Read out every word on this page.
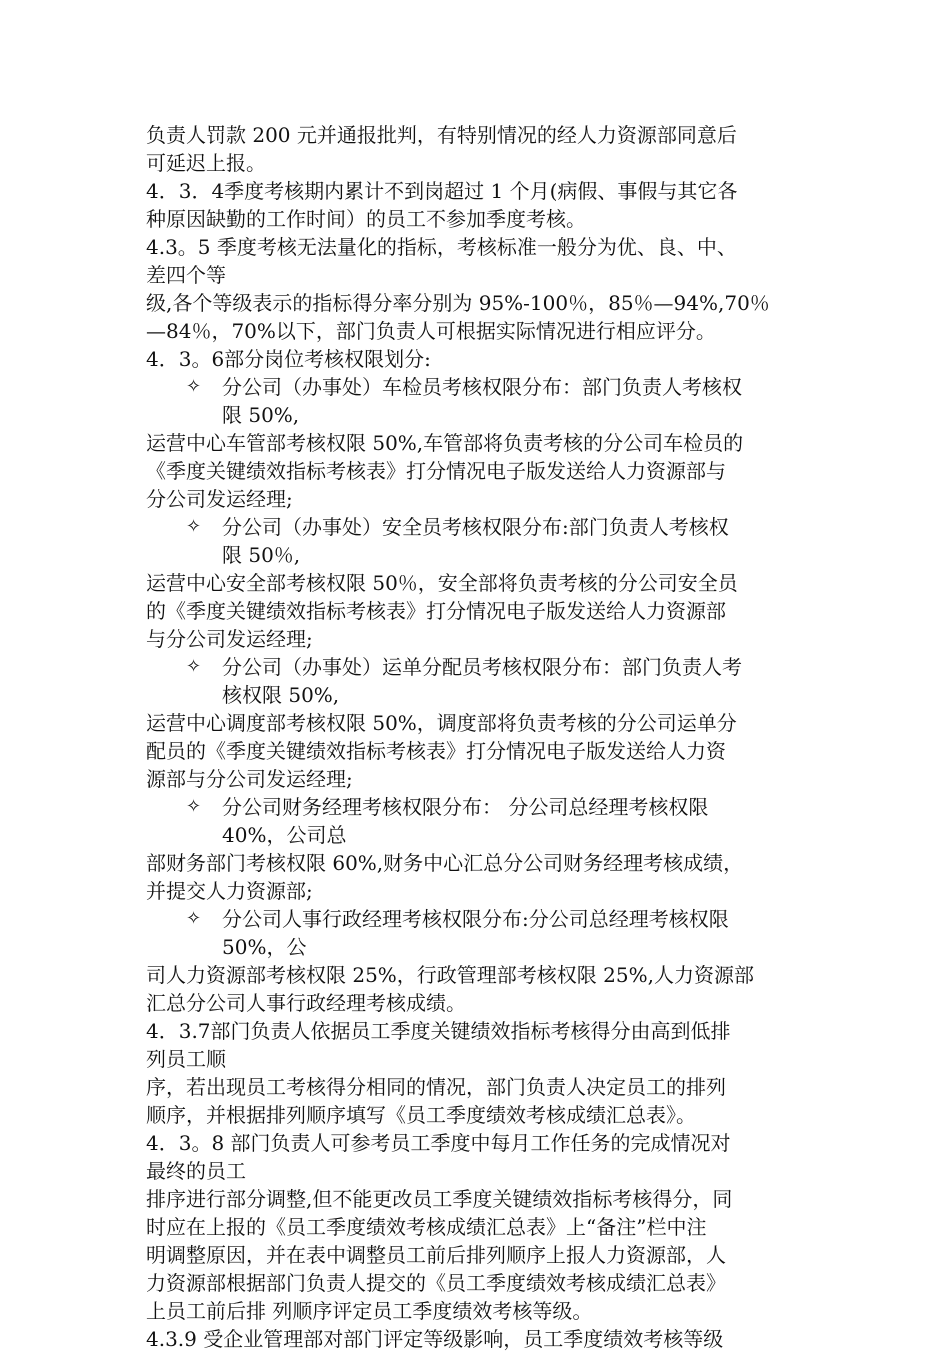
负责人罚款 200 元并通报批判，有特别情况的经人力资源部同意后
可延迟上报。
4．3．4季度考核期内累计不到岗超过 1 个月(病假、事假与其它各
种原因缺勤的工作时间）的员工不参加季度考核。
4.3。5 季度考核无法量化的指标，考核标准一般分为优、良、中、
差四个等
级,各个等级表示的指标得分率分别为 95%-100％，85％—94%,70％
—84％，70%以下，部门负责人可根据实际情况进行相应评分。
4．3。6部分岗位考核权限划分:
✧	分公司（办事处）车检员考核权限分布：部门负责人考核权
限 50%,
运营中心车管部考核权限 50%,车管部将负责考核的分公司车检员的
《季度关键绩效指标考核表》打分情况电子版发送给人力资源部与
分公司发运经理;
✧	分公司（办事处）安全员考核权限分布:部门负责人考核权
限 50％,
运营中心安全部考核权限 50％，安全部将负责考核的分公司安全员
的《季度关键绩效指标考核表》打分情况电子版发送给人力资源部
与分公司发运经理;
✧	分公司（办事处）运单分配员考核权限分布：部门负责人考
核权限 50%,
运营中心调度部考核权限 50%，调度部将负责考核的分公司运单分
配员的《季度关键绩效指标考核表》打分情况电子版发送给人力资
源部与分公司发运经理;
✧	分公司财务经理考核权限分布： 分公司总经理考核权限
40%，公司总
部财务部门考核权限 60%,财务中心汇总分公司财务经理考核成绩，
并提交人力资源部;
✧	分公司人事行政经理考核权限分布:分公司总经理考核权限
50%，公
司人力资源部考核权限 25%，行政管理部考核权限 25%,人力资源部
汇总分公司人事行政经理考核成绩。
4．3.7部门负责人依据员工季度关键绩效指标考核得分由高到低排
列员工顺
序，若出现员工考核得分相同的情况，部门负责人决定员工的排列
顺序，并根据排列顺序填写《员工季度绩效考核成绩汇总表》。
4．3。8 部门负责人可参考员工季度中每月工作任务的完成情况对
最终的员工
排序进行部分调整,但不能更改员工季度关键绩效指标考核得分，同
时应在上报的《员工季度绩效考核成绩汇总表》上“备注”栏中注
明调整原因，并在表中调整员工前后排列顺序上报人力资源部，人
力资源部根据部门负责人提交的《员工季度绩效考核成绩汇总表》
上员工前后排 列顺序评定员工季度绩效考核等级。
4.3.9 受企业管理部对部门评定等级影响，员工季度绩效考核等级
